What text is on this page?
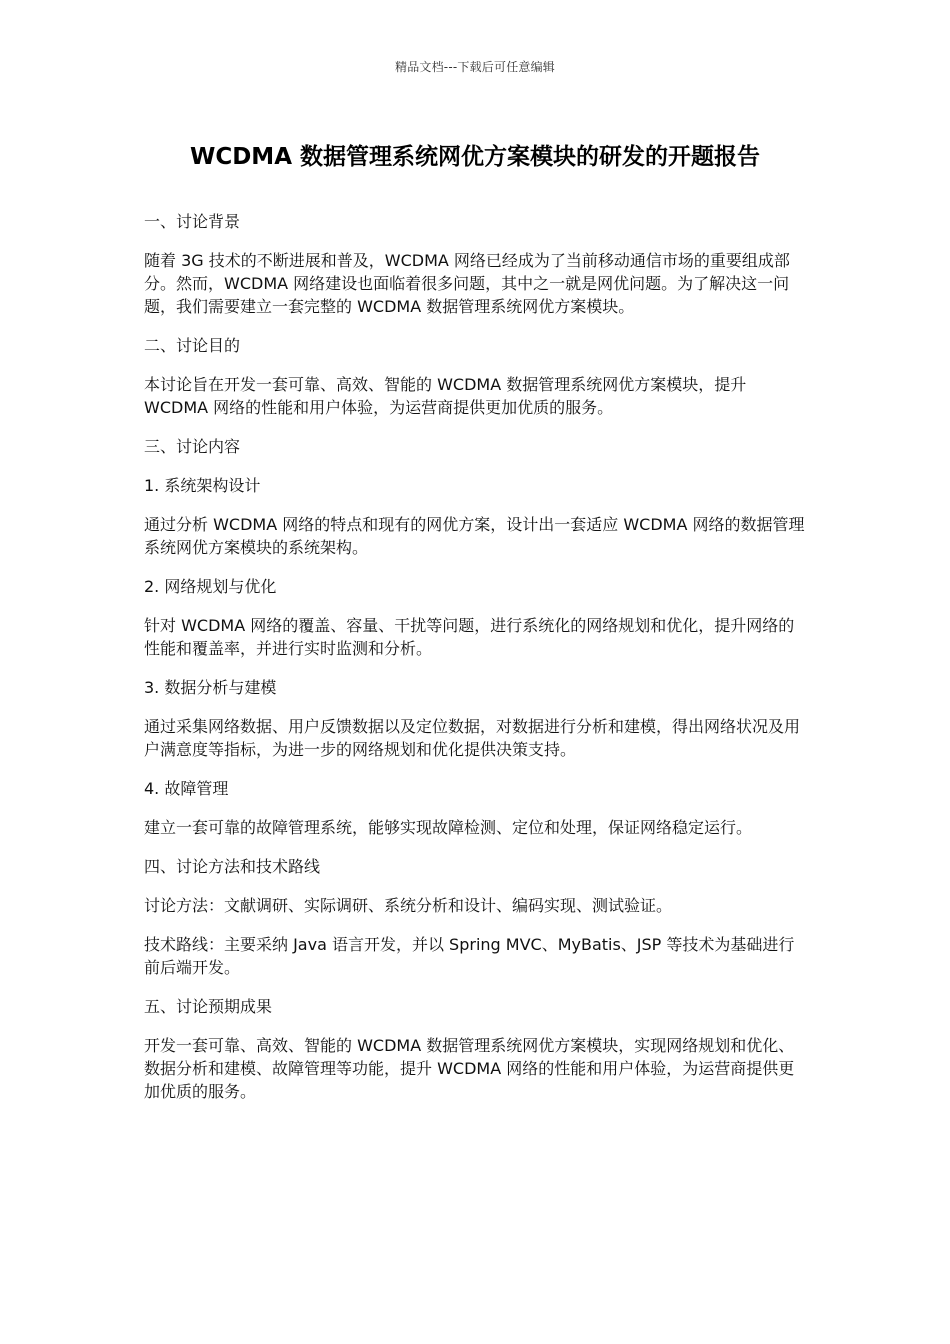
精品文档---下载后可任意编辑
WCDMA 数据管理系统网优方案模块的研发的开题报告

一、讨论背景

随着 3G 技术的不断进展和普及，WCDMA 网络已经成为了当前移动通信市场的重要组成部分。然而，WCDMA 网络建设也面临着很多问题，其中之一就是网优问题。为了解决这一问题，我们需要建立一套完整的 WCDMA 数据管理系统网优方案模块。

二、讨论目的

本讨论旨在开发一套可靠、高效、智能的 WCDMA 数据管理系统网优方案模块，提升 WCDMA 网络的性能和用户体验，为运营商提供更加优质的服务。

三、讨论内容

1. 系统架构设计

通过分析 WCDMA 网络的特点和现有的网优方案，设计出一套适应 WCDMA 网络的数据管理系统网优方案模块的系统架构。

2. 网络规划与优化

针对 WCDMA 网络的覆盖、容量、干扰等问题，进行系统化的网络规划和优化，提升网络的性能和覆盖率，并进行实时监测和分析。

3. 数据分析与建模

通过采集网络数据、用户反馈数据以及定位数据，对数据进行分析和建模，得出网络状况及用户满意度等指标，为进一步的网络规划和优化提供决策支持。

4. 故障管理

建立一套可靠的故障管理系统，能够实现故障检测、定位和处理，保证网络稳定运行。

四、讨论方法和技术路线

讨论方法：文献调研、实际调研、系统分析和设计、编码实现、测试验证。

技术路线：主要采纳 Java 语言开发，并以 Spring MVC、MyBatis、JSP 等技术为基础进行前后端开发。

五、讨论预期成果

开发一套可靠、高效、智能的 WCDMA 数据管理系统网优方案模块，实现网络规划和优化、数据分析和建模、故障管理等功能，提升 WCDMA 网络的性能和用户体验，为运营商提供更加优质的服务。
